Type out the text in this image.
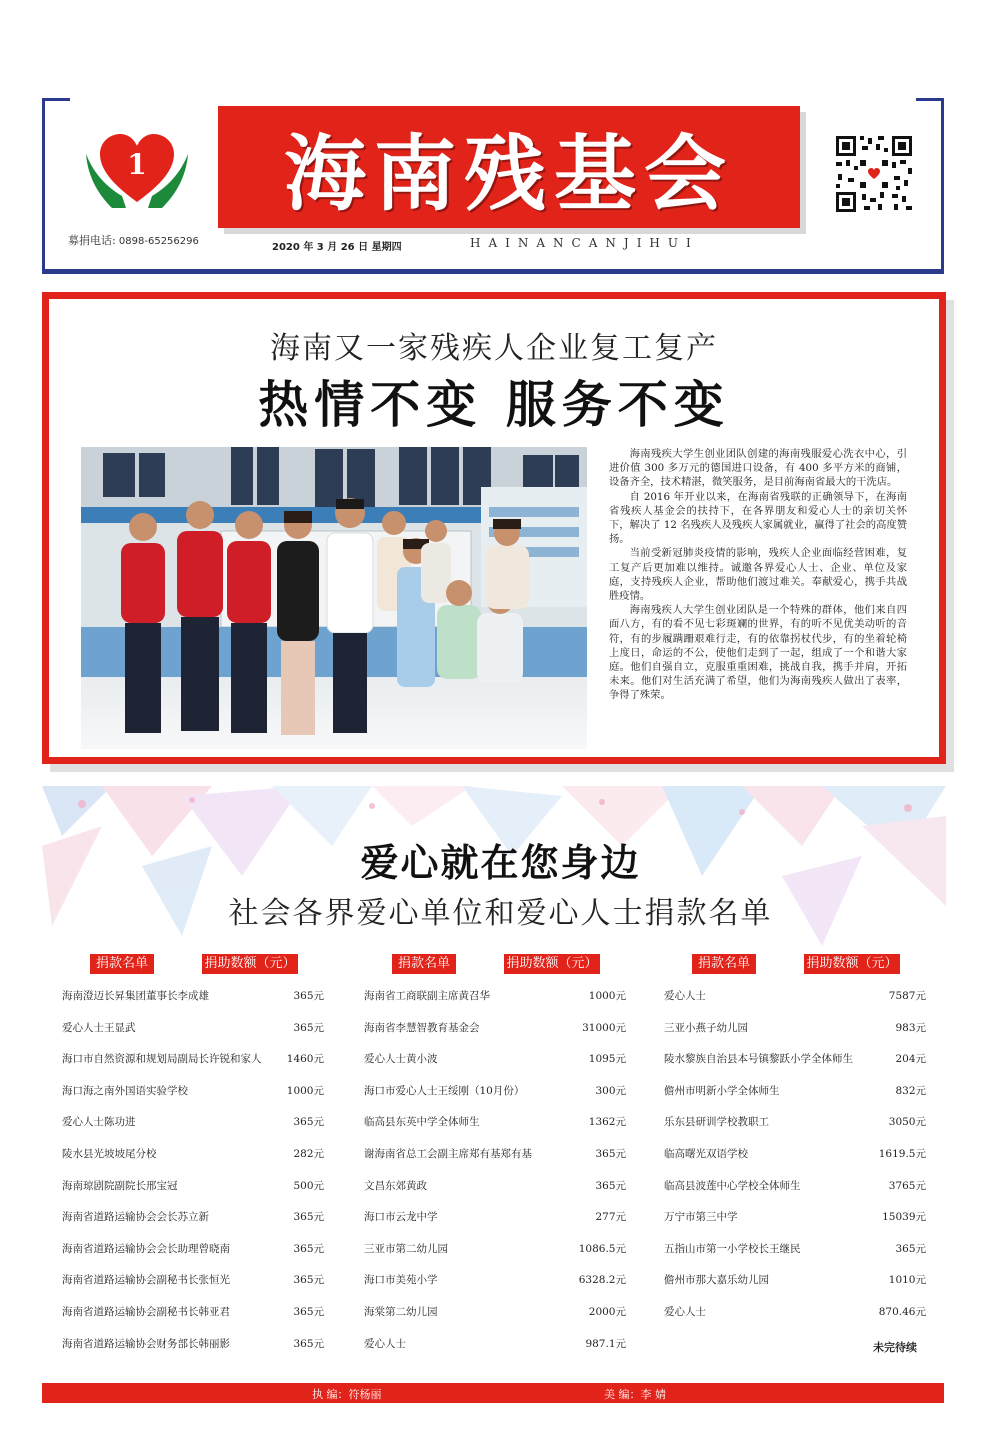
1
募捐电话: 0898-65256296
海南残基会
2020 年 3 月 26 日 星期四	HAINANCANJIHUI
海南又一家残疾人企业复工复产
热情不变 服务不变

海南残疾大学生创业团队创建的海南残服爱心洗衣中心，引进价值 300 多万元的德国进口设备，有 400 多平方米的商铺，设备齐全，技术精湛，微笑服务，是目前海南省最大的干洗店。

自 2016 年开业以来，在海南省残联的正确领导下，在海南省残疾人基金会的扶持下，在各界朋友和爱心人士的亲切关怀下，解决了 12 名残疾人及残疾人家属就业，赢得了社会的高度赞扬。

当前受新冠肺炎疫情的影响，残疾人企业面临经营困难，复工复产后更加难以维持。诚邀各界爱心人士、企业、单位及家庭，支持残疾人企业，帮助他们渡过难关。奉献爱心，携手共战胜疫情。

海南残疾人大学生创业团队是一个特殊的群体，他们来自四面八方，有的看不见七彩斑斓的世界，有的听不见优美动听的音符，有的步履蹒跚艰难行走，有的依靠拐杖代步，有的坐着轮椅上度日，命运的不公，使他们走到了一起，组成了一个和谐大家庭。他们自强自立，克服重重困难，挑战自我，携手并肩，开拓未来。他们对生活充满了希望，他们为海南残疾人做出了表率，争得了殊荣。

爱心就在您身边
社会各界爱心单位和爱心人士捐款名单
捐款名单	捐助数额（元）
海南澄迈长昇集团董事长李成雄	365元
爱心人士王显武	365元
海口市自然资源和规划局副局长许锐和家人 1460元
海口海之南外国语实验学校	1000元
爱心人士陈功进	365元
陵水县光坡坡尾分校	282元
海南琼剧院副院长邢宝冠	500元
海南省道路运输协会会长苏立新	365元
海南省道路运输协会会长助理曾晓南	365元
海南省道路运输协会副秘书长张恒光	365元
海南省道路运输协会副秘书长韩亚君	365元
海南省道路运输协会财务部长韩丽影	365元
捐款名单	捐助数额（元）
海南省工商联副主席黄召华	1000元
海南省李慧智教育基金会	31000元
爱心人士黄小波	1095元
海口市爱心人士王绥刚（10月份）	300元
临高县东英中学全体师生	1362元
谢海南省总工会副主席郑有基郑有基	365元
文昌东郊黄政	365元
海口市云龙中学	277元
三亚市第二幼儿园	1086.5元
海口市美苑小学	6328.2元
海棠第二幼儿园	2000元
爱心人士	987.1元
捐款名单	捐助数额（元）
爱心人士	7587元
三亚小燕子幼儿园	983元
陵水黎族自治县本号镇黎跃小学全体师生	204元
儋州市明新小学全体师生	832元
乐东县研训学校教职工	3050元
临高曙光双语学校	1619.5元
临高县波莲中心学校全体师生	3765元
万宁市第三中学	15039元
五指山市第一小学校长王继民	365元
儋州市那大嘉乐幼儿园	1010元
爱心人士	870.46元
未完待续
执 编：符杨丽	美 编：李 婧
